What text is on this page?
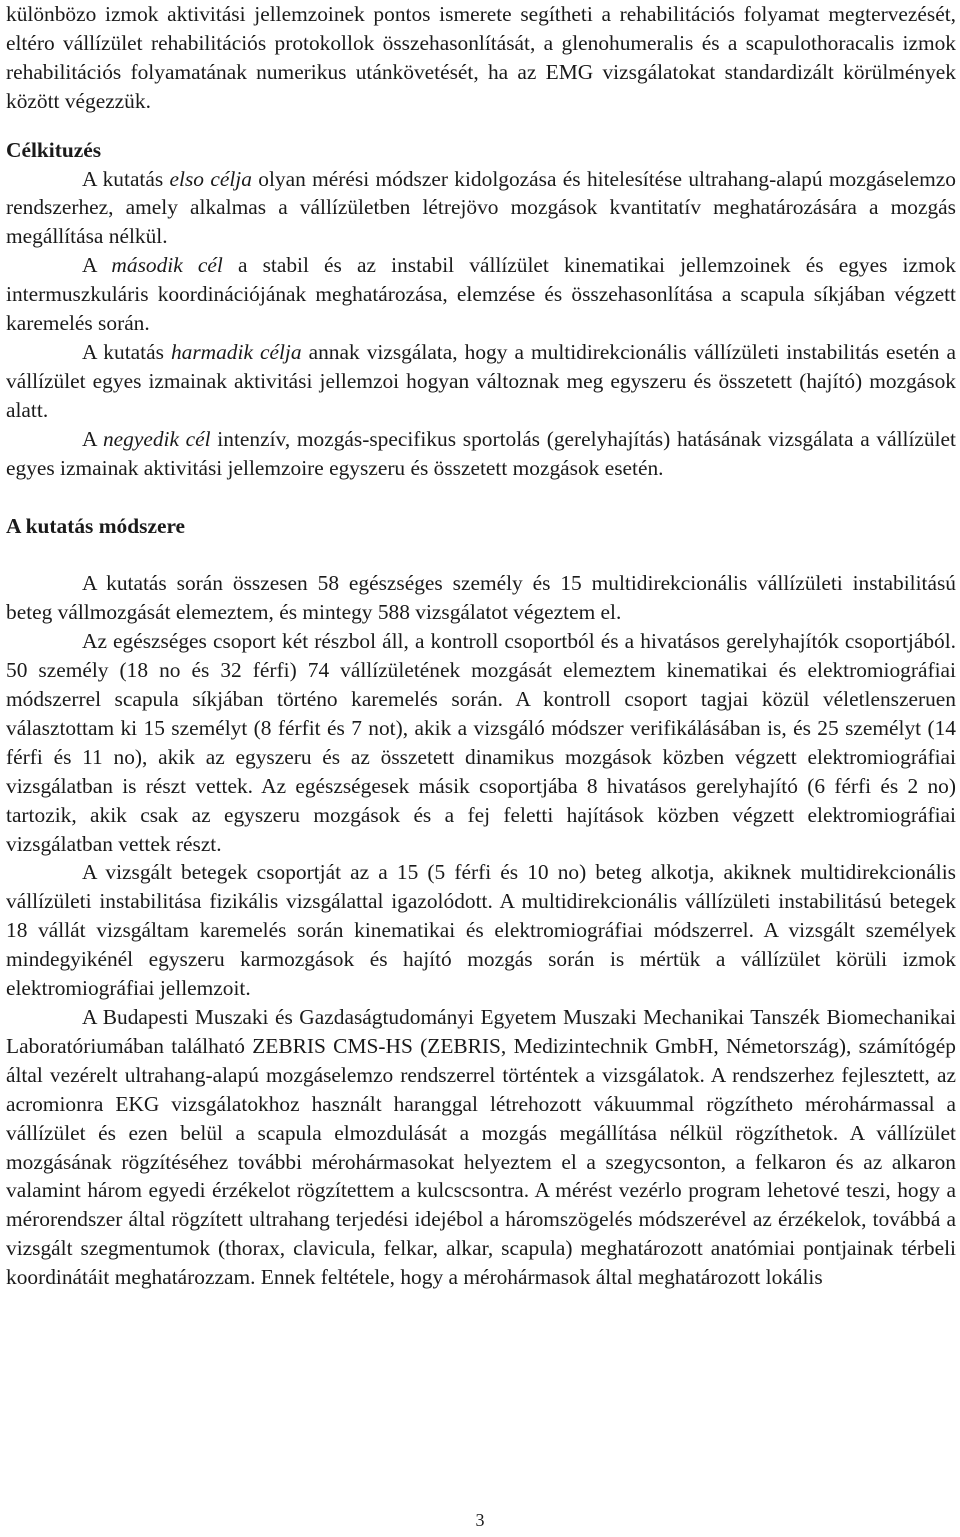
különbözo izmok aktivitási jellemzoinek pontos ismerete segítheti a rehabilitációs folyamat megtervezését, eltéro vállízület rehabilitációs protokollok összehasonlítását, a glenohumeralis és a scapulothoracalis izmok rehabilitációs folyamatának numerikus utánkövetését, ha az EMG vizsgálatokat standardizált körülmények között végezzük.

Célkituzés

A kutatás elso célja olyan mérési módszer kidolgozása és hitelesítése ultrahang-alapú mozgáselemzo rendszerhez, amely alkalmas a vállízületben létrejövo mozgások kvantitatív meghatározására a mozgás megállítása nélkül.

A második cél a stabil és az instabil vállízület kinematikai jellemzoinek és egyes izmok intermuszkuláris koordinációjának meghatározása, elemzése és összehasonlítása a scapula síkjában végzett karemelés során.

A kutatás harmadik célja annak vizsgálata, hogy a multidirekcionális vállízületi instabilitás esetén a vállízület egyes izmainak aktivitási jellemzoi hogyan változnak meg egyszeru és összetett (hajító) mozgások alatt.

A negyedik cél intenzív, mozgás-specifikus sportolás (gerelyhajítás) hatásának vizsgálata a vállízület egyes izmainak aktivitási jellemzoire egyszeru és összetett mozgások esetén.

A kutatás módszere

A kutatás során összesen 58 egészséges személy és 15 multidirekcionális vállízületi instabilitású beteg vállmozgását elemeztem, és mintegy 588 vizsgálatot végeztem el.

Az egészséges csoport két részbol áll, a kontroll csoportból és a hivatásos gerelyhajítók csoportjából. 50 személy (18 no és 32 férfi) 74 vállízületének mozgását elemeztem kinematikai és elektromiográfiai módszerrel scapula síkjában történo karemelés során. A kontroll csoport tagjai közül véletlenszeruen választottam ki 15 személyt (8 férfit és 7 not), akik a vizsgáló módszer verifikálásában is, és 25 személyt (14 férfi és 11 no), akik az egyszeru és az összetett dinamikus mozgások közben végzett elektromiográfiai vizsgálatban is részt vettek. Az egészségesek másik csoportjába 8 hivatásos gerelyhajító (6 férfi és 2 no) tartozik, akik csak az egyszeru mozgások és a fej feletti hajítások közben végzett elektromiográfiai vizsgálatban vettek részt.

A vizsgált betegek csoportját az a 15 (5 férfi és 10 no) beteg alkotja, akiknek multidirekcionális vállízületi instabilitása fizikális vizsgálattal igazolódott. A multidirekcionális vállízületi instabilitású betegek 18 vállát vizsgáltam karemelés során kinematikai és elektromiográfiai módszerrel. A vizsgált személyek mindegyikénél egyszeru karmozgások és hajító mozgás során is mértük a vállízület körüli izmok elektromiográfiai jellemzoit.

A Budapesti Muszaki és Gazdaságtudományi Egyetem Muszaki Mechanikai Tanszék Biomechanikai Laboratóriumában található ZEBRIS CMS-HS (ZEBRIS, Medizintechnik GmbH, Németország), számítógép által vezérelt ultrahang-alapú mozgáselemzo rendszerrel történtek a vizsgálatok. A rendszerhez fejlesztett, az acromionra EKG vizsgálatokhoz használt haranggal létrehozott vákuummal rögzítheto mérohármassal a vállízület és ezen belül a scapula elmozdulását a mozgás megállítása nélkül rögzíthetok. A vállízület mozgásának rögzítéséhez további mérohármasokat helyeztem el a szegycsonton, a felkaron és az alkaron valamint három egyedi érzékelot rögzítettem a kulcscsontra. A mérést vezérlo program lehetové teszi, hogy a mérorendszer által rögzített ultrahang terjedési idejébol a háromszögelés módszerével az érzékelok, továbbá a vizsgált szegmentumok (thorax, clavicula, felkar, alkar, scapula) meghatározott anatómiai pontjainak térbeli koordinátáit meghatározzam. Ennek feltétele, hogy a mérohármasok által meghatározott lokális

3
